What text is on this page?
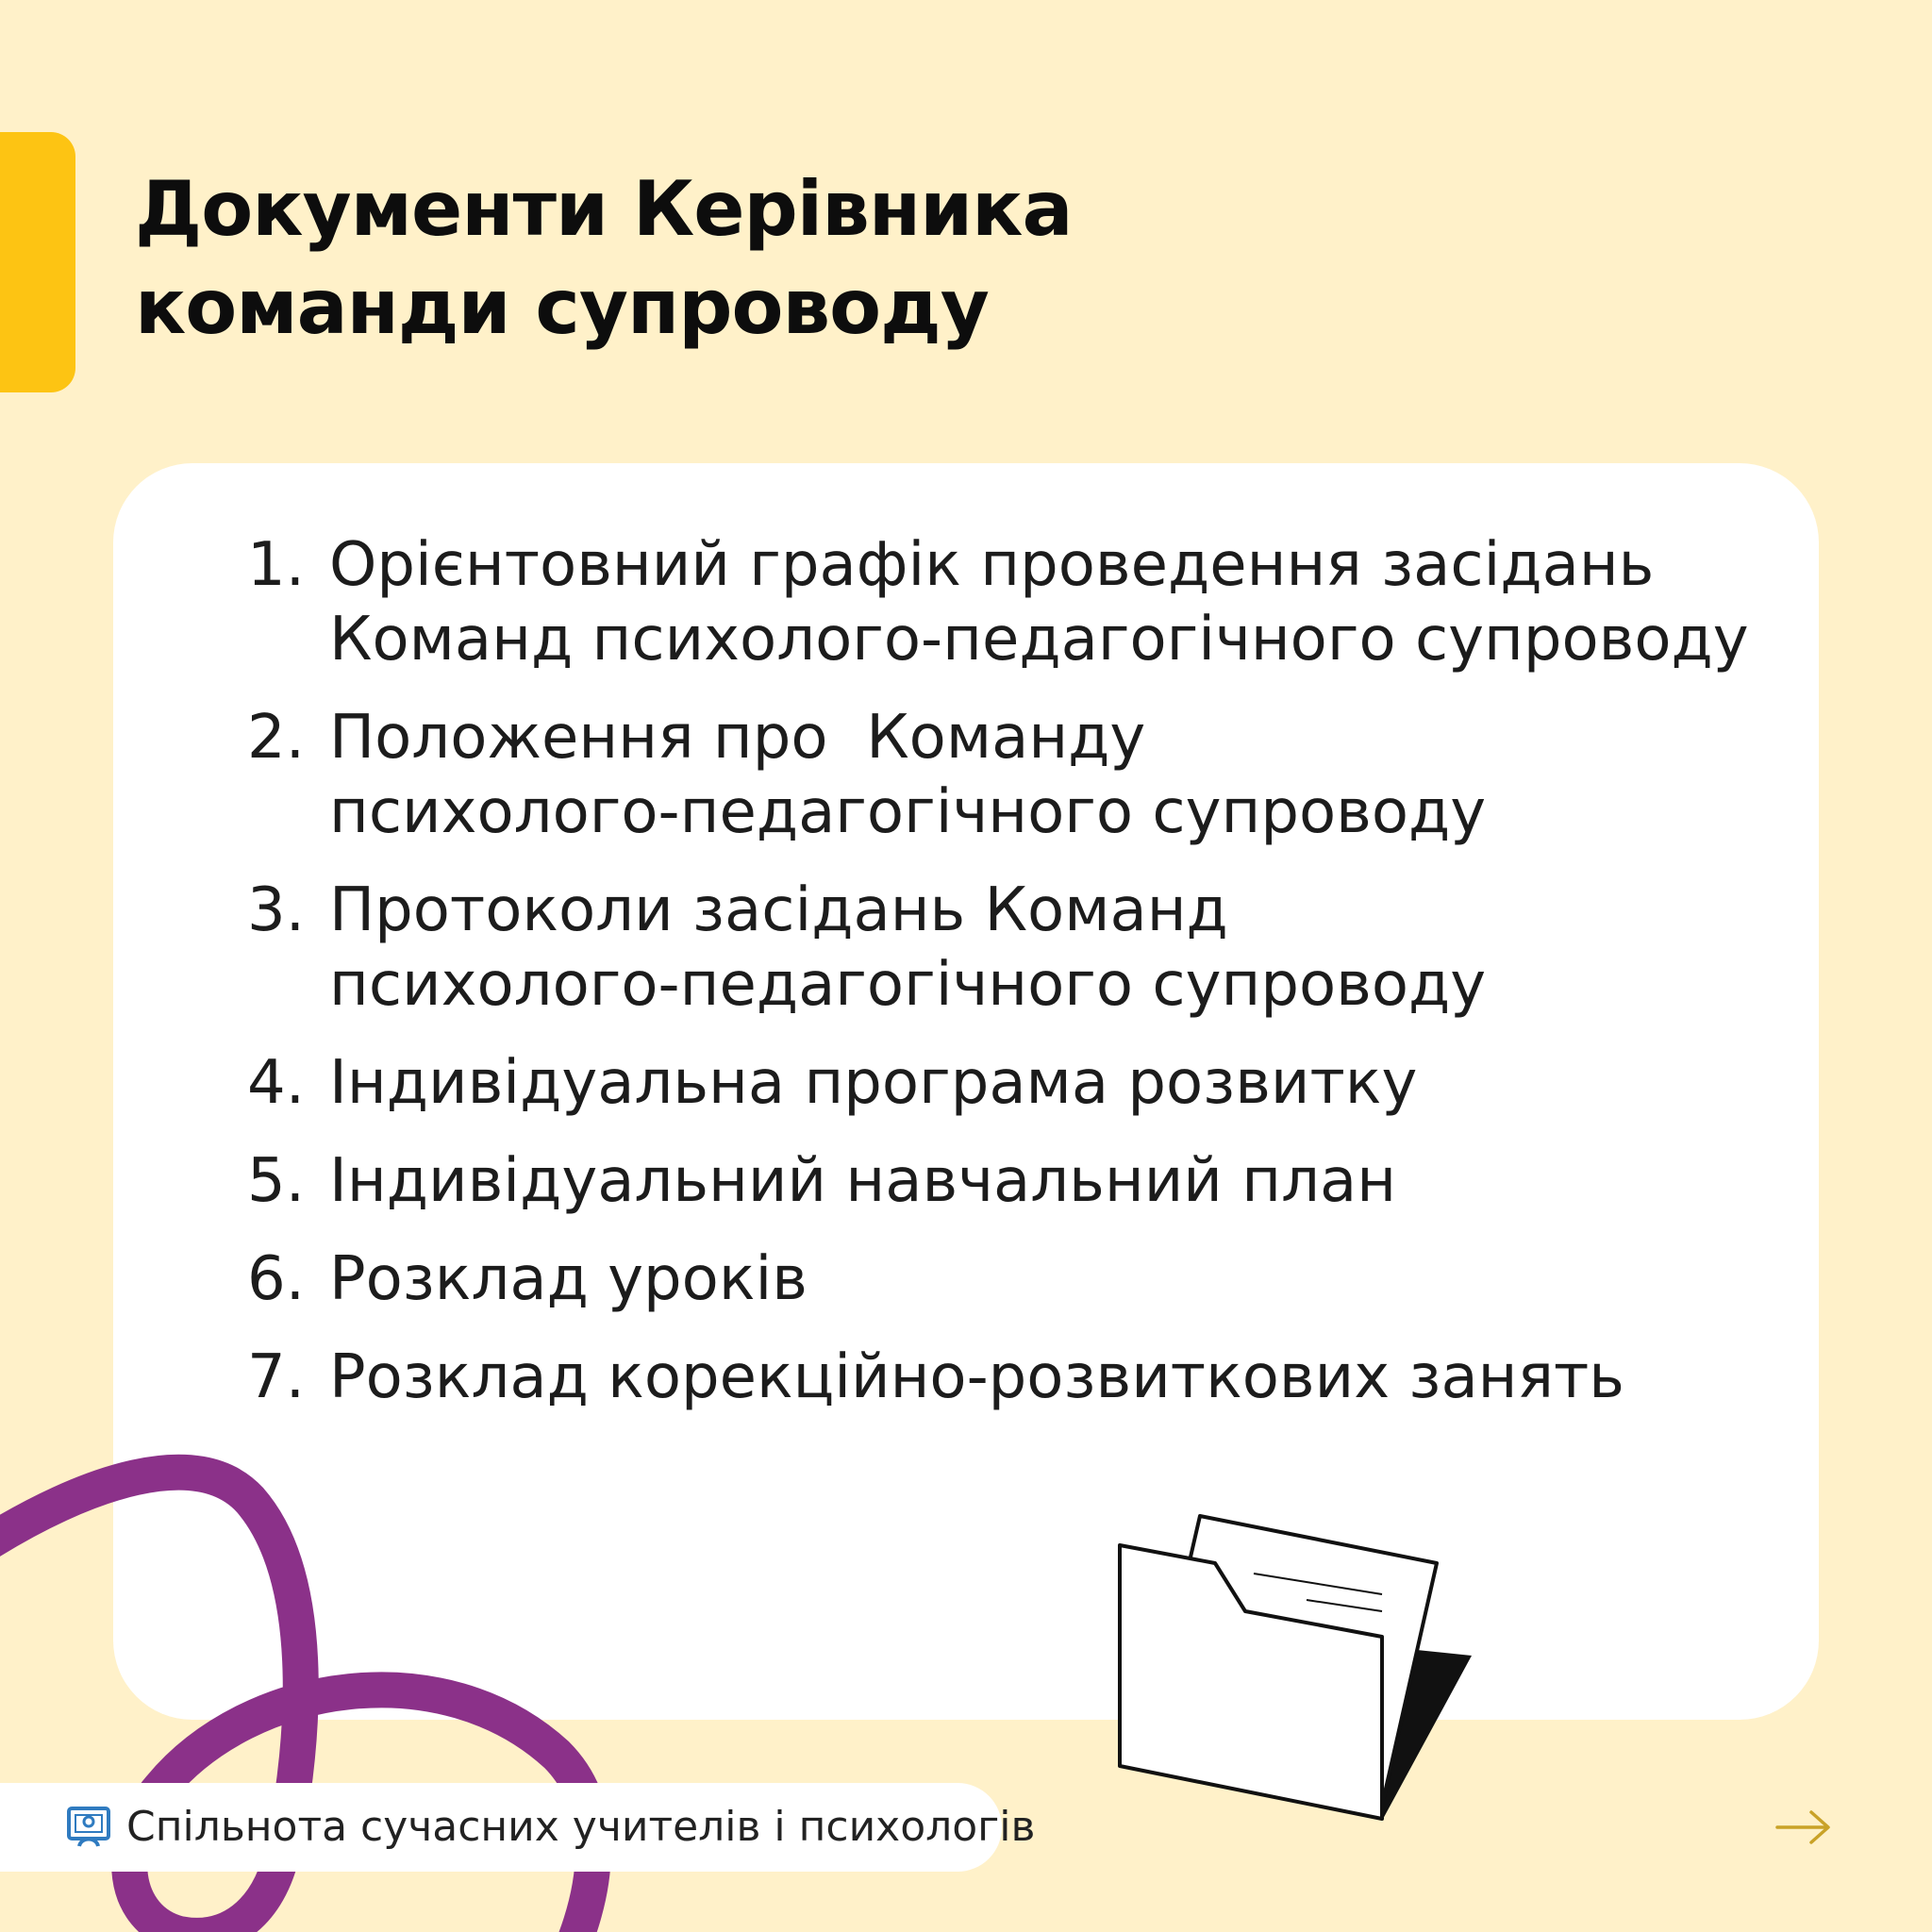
Документи Керівника
команди супроводу
1. Орієнтовний графік проведення засідань
Команд психолого-педагогічного супроводу
2. Положення про  Команду
психолого-педагогічного супроводу
3. Протоколи засідань Команд
психолого-педагогічного супроводу
4. Індивідуальна програма розвитку
5. Індивідуальний навчальний план
6. Розклад уроків
7. Розклад корекційно-розвиткових занять
Спільнота сучасних учителів і психологів
